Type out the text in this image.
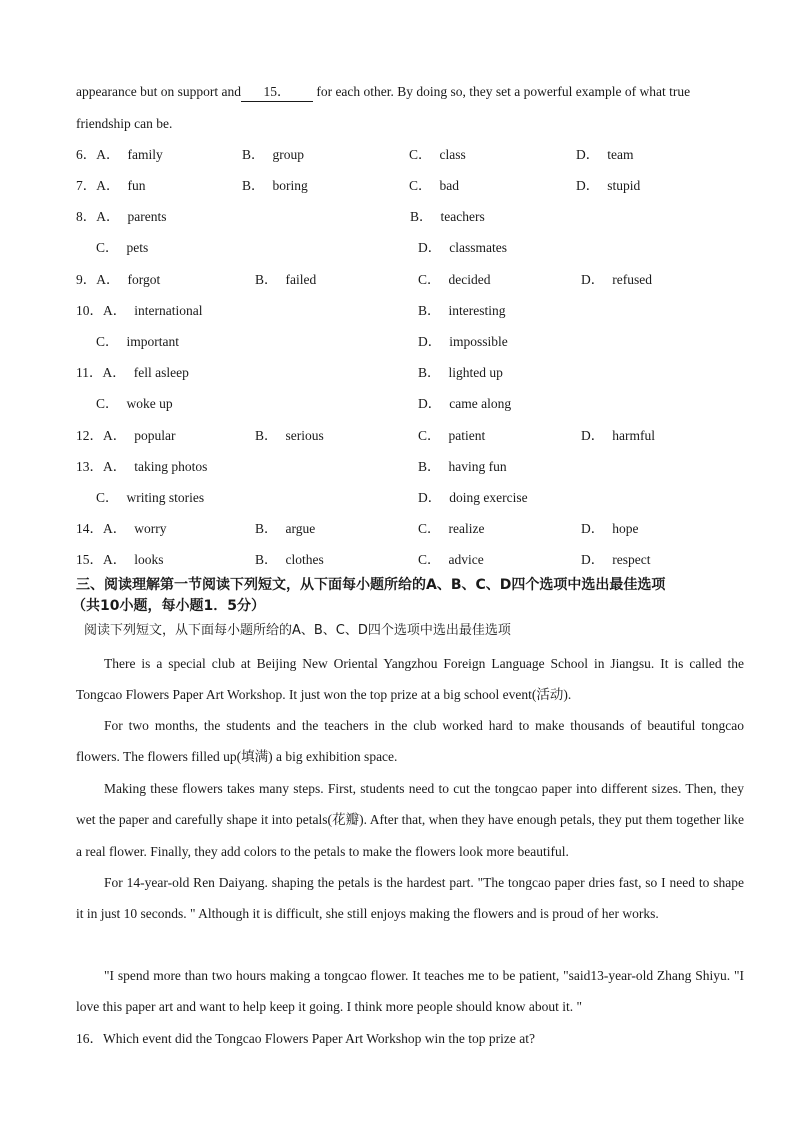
appearance but on support and 15． for each other. By doing so, they set a powerful example of what true
friendship can be.
6．A． family	B． group	C． class	D． team
7．A． fun	B． boring	C． bad	D． stupid
8．A． parents	B． teachers
C． pets	D． classmates
9．A． forgot	B． failed	C． decided	D． refused
10．A． international	B． interesting
C． important	D． impossible
11．A． fell asleep	B． lighted up
C． woke up	D． came along
12．A． popular	B． serious	C． patient	D． harmful
13．A． taking photos	B． having fun
C． writing stories	D． doing exercise
14．A． worry	B． argue	C． realize	D． hope
15．A． looks	B． clothes	C． advice	D． respect
三、阅读理解第一节阅读下列短文，从下面每小题所给的A、B、C、D四个选项中选出最佳选项
（共10小题，每小题1．5分）
阅读下列短文，从下面每小题所给的A、B、C、D四个选项中选出最佳选项
There is a special club at Beijing New Oriental Yangzhou Foreign Language School in Jiangsu. It is called the Tongcao Flowers Paper Art Workshop. It just won the top prize at a big school event(活动).
For two months, the students and the teachers in the club worked hard to make thousands of beautiful tongcao flowers. The flowers filled up(填满) a big exhibition space.
Making these flowers takes many steps. First, students need to cut the tongcao paper into different sizes. Then, they wet the paper and carefully shape it into petals(花瓣). After that, when they have enough petals, they put them together like a real flower. Finally, they add colors to the petals to make the flowers look more beautiful.
For 14-year-old Ren Daiyang. shaping the petals is the hardest part. "The tongcao paper dries fast, so I need to shape it in just 10 seconds. " Although it is difficult, she still enjoys making the flowers and is proud of her works.
"I spend more than two hours making a tongcao flower. It teaches me to be patient, "said13-year-old Zhang Shiyu. "I love this paper art and want to help keep it going. I think more people should know about it. "
16．Which event did the Tongcao Flowers Paper Art Workshop win the top prize at?
